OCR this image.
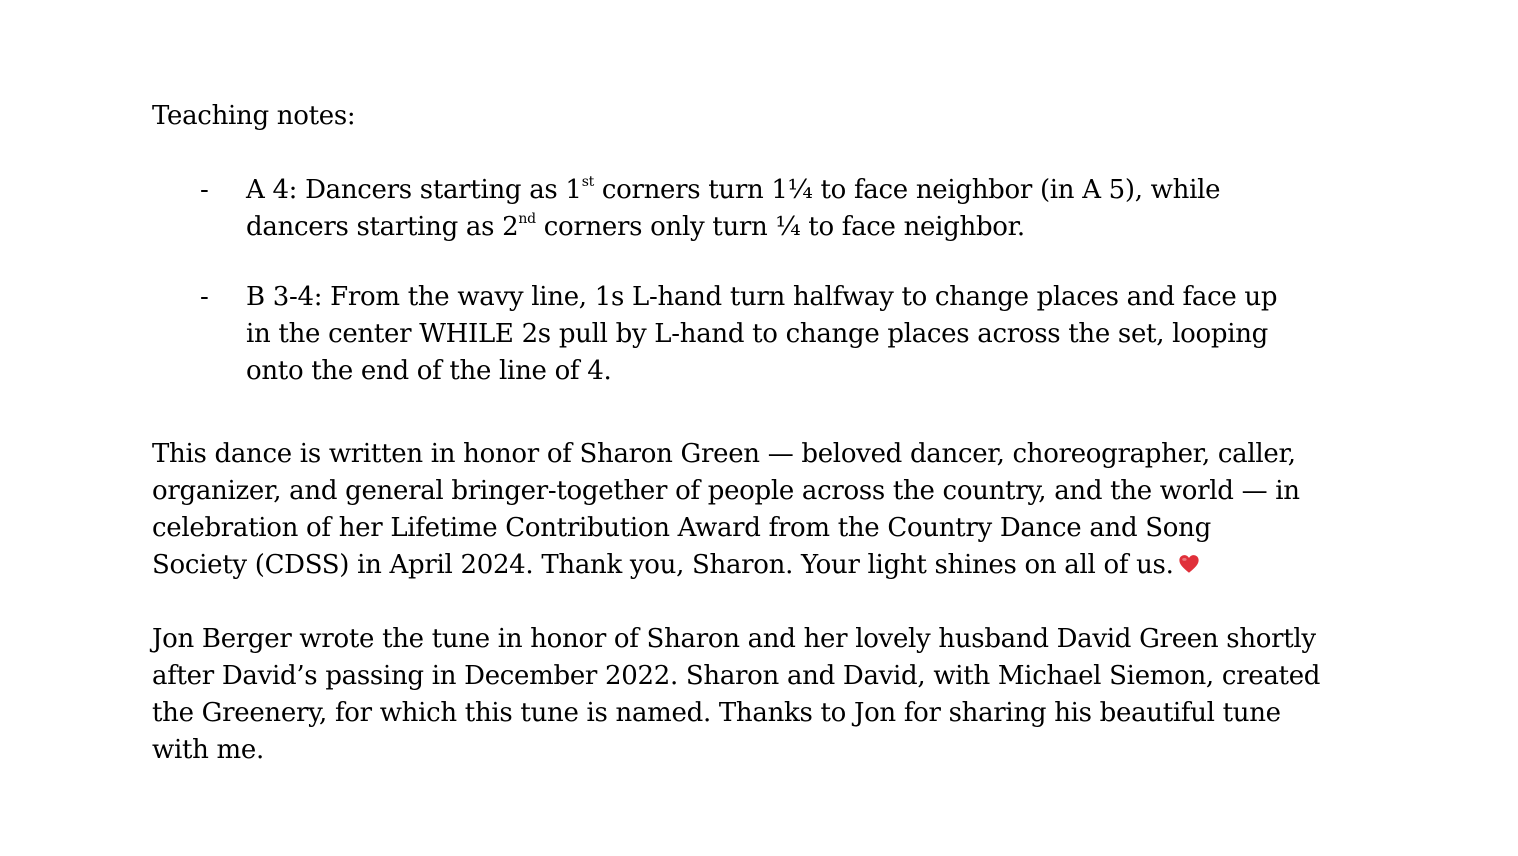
Teaching notes:
- A 4: Dancers starting as 1st corners turn 1¼ to face neighbor (in A 5), while
dancers starting as 2nd corners only turn ¼ to face neighbor.
- B 3-4: From the wavy line, 1s L-hand turn halfway to change places and face up
in the center WHILE 2s pull by L-hand to change places across the set, looping
onto the end of the line of 4.
This dance is written in honor of Sharon Green — beloved dancer, choreographer, caller,
organizer, and general bringer-together of people across the country, and the world — in
celebration of her Lifetime Contribution Award from the Country Dance and Song
Society (CDSS) in April 2024. Thank you, Sharon. Your light shines on all of us.
Jon Berger wrote the tune in honor of Sharon and her lovely husband David Green shortly
after David’s passing in December 2022. Sharon and David, with Michael Siemon, created
the Greenery, for which this tune is named. Thanks to Jon for sharing his beautiful tune
with me.
